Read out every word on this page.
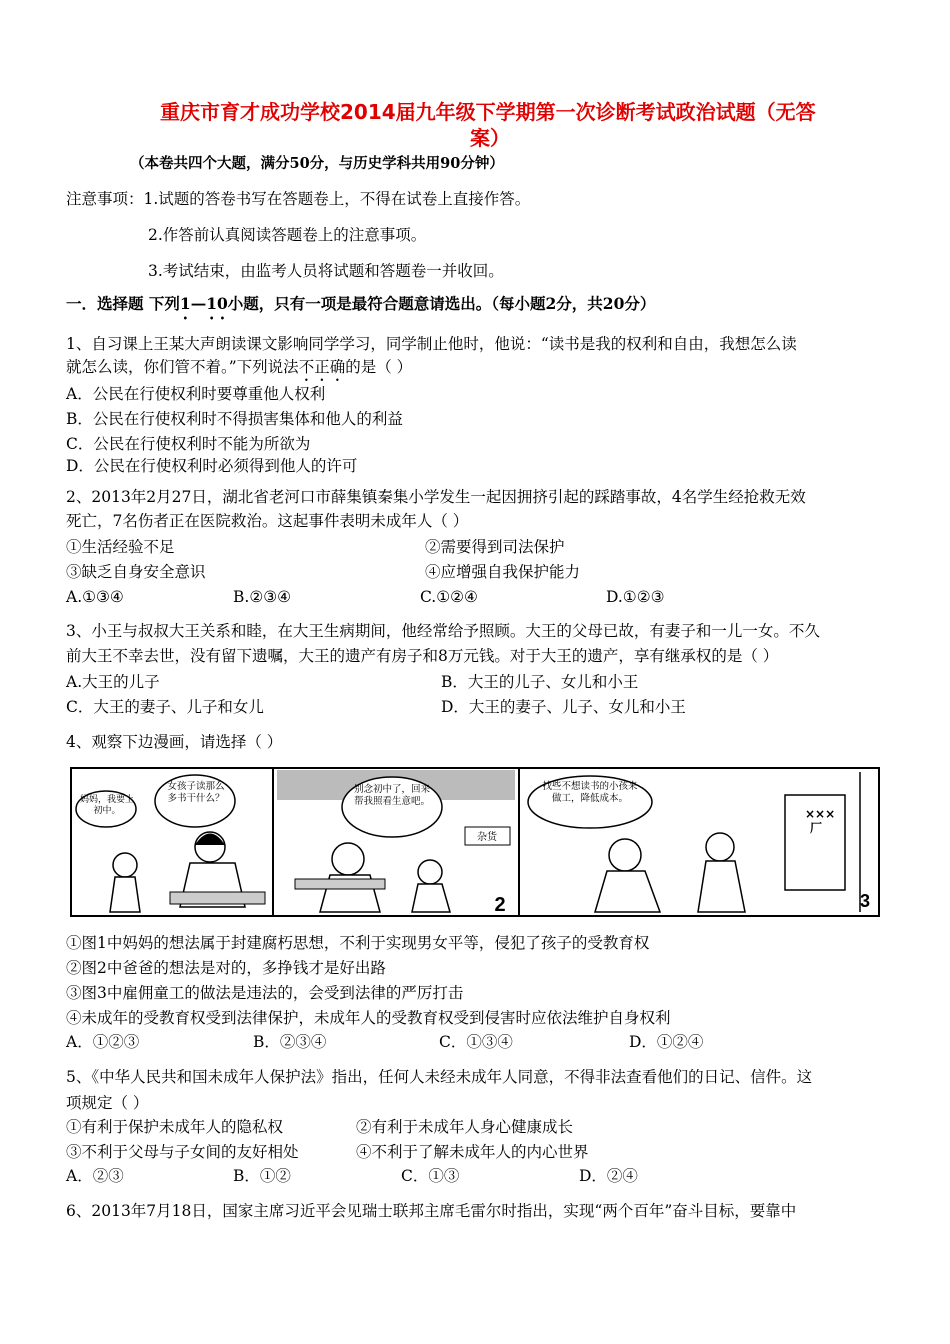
重庆市育才成功学校2014届九年级下学期第一次诊断考试政治试题（无答
案）
（本卷共四个大题，满分50分，与历史学科共用90分钟）
注意事项：1.试题的答卷书写在答题卷上，不得在试卷上直接作答。
2.作答前认真阅读答题卷上的注意事项。
3.考试结束，由监考人员将试题和答题卷一并收回。
一．选择题 下列1—10小题，只有一项是最符合题意请选出。（每小题2分，共20分）
1、自习课上王某大声朗读课文影响同学学习，同学制止他时，他说：“读书是我的权利和自由，我想怎么读
就怎么读，你们管不着。”下列说法不正确的是（ ）
A．公民在行使权利时要尊重他人权利
B．公民在行使权利时不得损害集体和他人的利益
C．公民在行使权利时不能为所欲为
D．公民在行使权利时必须得到他人的许可
2、2013年2月27日，湖北省老河口市薛集镇秦集小学发生一起因拥挤引起的踩踏事故，4名学生经抢救无效
死亡，7名伤者正在医院救治。这起事件表明未成年人（ ）
①生活经验不足	②需要得到司法保护
③缺乏自身安全意识	④应增强自我保护能力
A.①③④	B.②③④	C.①②④	D.①②③
3、小王与叔叔大王关系和睦，在大王生病期间，他经常给予照顾。大王的父母已故，有妻子和一儿一女。不久
前大王不幸去世，没有留下遗嘱，大王的遗产有房子和8万元钱。对于大王的遗产，享有继承权的是（ ）
A.大王的儿子	B．大王的儿子、女儿和小王
C．大王的妻子、儿子和女儿	D．大王的妻子、儿子、女儿和小王
4、观察下边漫画，请选择（ ）
妈妈，我要上初中。
女孩子读那么多书干什么？
别念初中了，回来帮我照看生意吧。
杂货
2
找些不想读书的小孩来做工，降低成本。
×××厂
3
①图1中妈妈的想法属于封建腐朽思想，不利于实现男女平等，侵犯了孩子的受教育权
②图2中爸爸的想法是对的，多挣钱才是好出路
③图3中雇佣童工的做法是违法的，会受到法律的严厉打击
④未成年的受教育权受到法律保护，未成年人的受教育权受到侵害时应依法维护自身权利
A．①②③	B．②③④	C．①③④	D．①②④
5、《中华人民共和国未成年人保护法》指出，任何人未经未成年人同意，不得非法查看他们的日记、信件。这
项规定（ ）
①有利于保护未成年人的隐私权	②有利于未成年人身心健康成长
③不利于父母与子女间的友好相处	④不利于了解未成年人的内心世界
A．②③	B．①②	C．①③	D．②④
6、2013年7月18日，国家主席习近平会见瑞士联邦主席毛雷尔时指出，实现“两个百年”奋斗目标，要靠中
